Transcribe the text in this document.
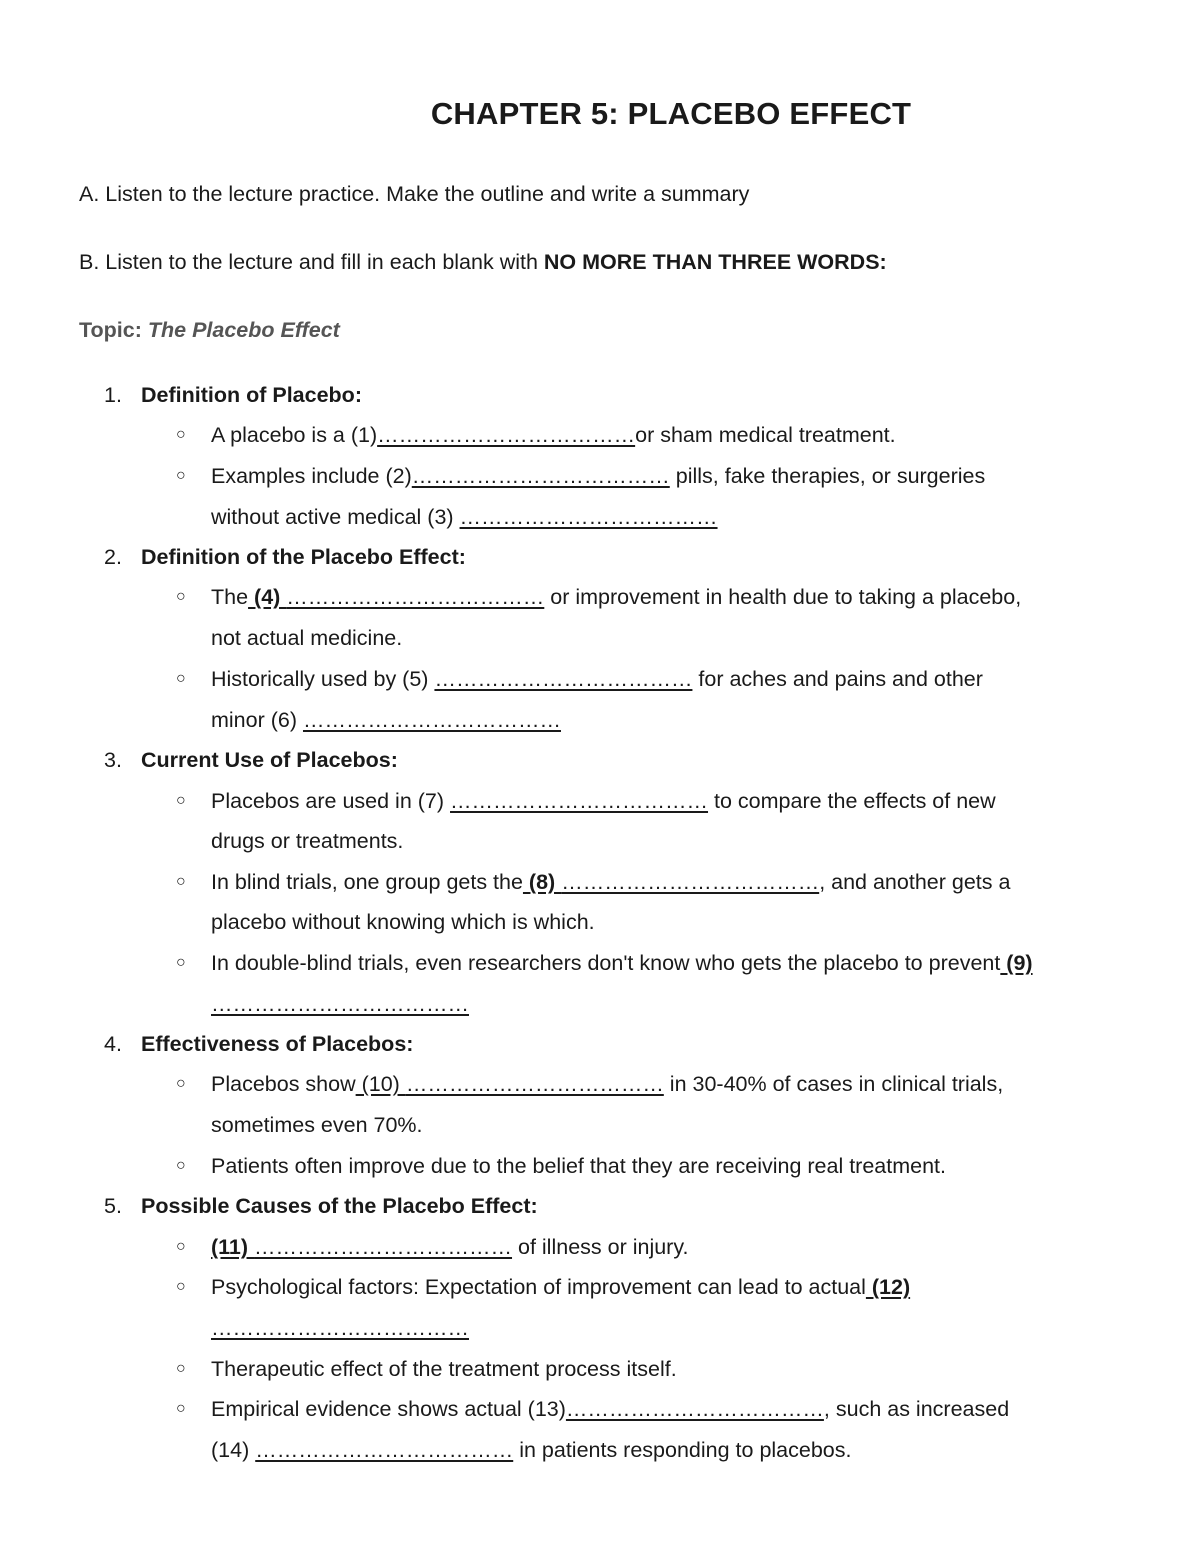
CHAPTER 5: PLACEBO EFFECT
A. Listen to the lecture practice. Make the outline and write a summary
B. Listen to the lecture and fill in each blank with NO MORE THAN THREE WORDS:
Topic: The Placebo Effect
1. Definition of Placebo:
○ A placebo is a (1)………………………………or sham medical treatment.
○ Examples include (2)……………………………… pills, fake therapies, or surgeries
without active medical (3) ………………………………
2. Definition of the Placebo Effect:
○ The (4) ……………………………… or improvement in health due to taking a placebo,
not actual medicine.
○ Historically used by (5) ……………………………… for aches and pains and other
minor (6) ………………………………
3. Current Use of Placebos:
○ Placebos are used in (7) ……………………………… to compare the effects of new
drugs or treatments.
○ In blind trials, one group gets the (8) ………………………………, and another gets a
placebo without knowing which is which.
○ In double-blind trials, even researchers don't know who gets the placebo to prevent (9)
………………………………
4. Effectiveness of Placebos:
○ Placebos show (10) ……………………………… in 30-40% of cases in clinical trials,
sometimes even 70%.
○ Patients often improve due to the belief that they are receiving real treatment.
5. Possible Causes of the Placebo Effect:
○ (11) ……………………………… of illness or injury.
○ Psychological factors: Expectation of improvement can lead to actual (12)
………………………………
○ Therapeutic effect of the treatment process itself.
○ Empirical evidence shows actual (13)………………………………, such as increased
(14) ……………………………… in patients responding to placebos.
